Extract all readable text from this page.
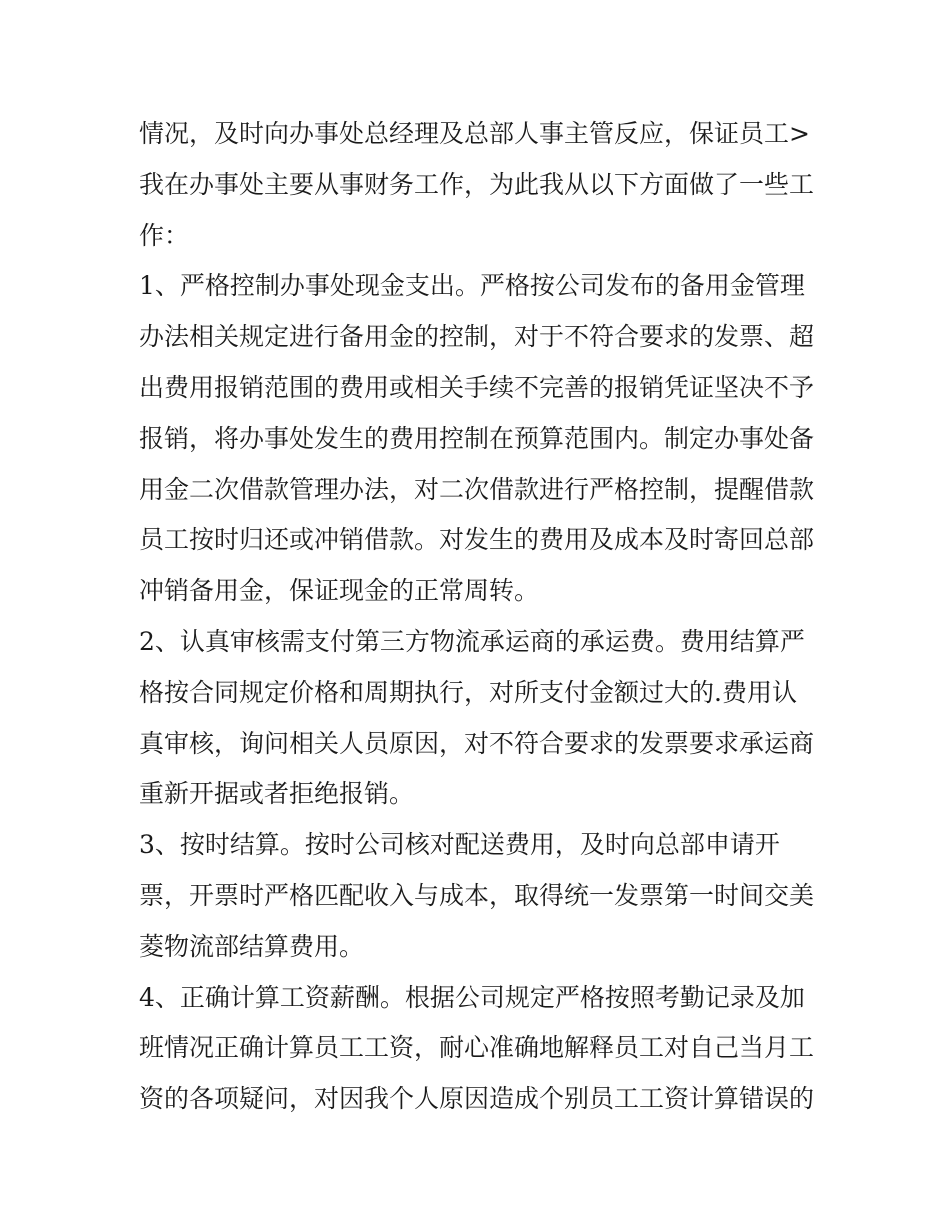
情况，及时向办事处总经理及总部人事主管反应，保证员工>
我在办事处主要从事财务工作，为此我从以下方面做了一些工
作：
1、严格控制办事处现金支出。严格按公司发布的备用金管理
办法相关规定进行备用金的控制，对于不符合要求的发票、超
出费用报销范围的费用或相关手续不完善的报销凭证坚决不予
报销，将办事处发生的费用控制在预算范围内。制定办事处备
用金二次借款管理办法，对二次借款进行严格控制，提醒借款
员工按时归还或冲销借款。对发生的费用及成本及时寄回总部
冲销备用金，保证现金的正常周转。
2、认真审核需支付第三方物流承运商的承运费。费用结算严
格按合同规定价格和周期执行，对所支付金额过大的.费用认
真审核，询问相关人员原因，对不符合要求的发票要求承运商
重新开据或者拒绝报销。
3、按时结算。按时公司核对配送费用，及时向总部申请开
票，开票时严格匹配收入与成本，取得统一发票第一时间交美
菱物流部结算费用。
4、正确计算工资薪酬。根据公司规定严格按照考勤记录及加
班情况正确计算员工工资，耐心准确地解释员工对自己当月工
资的各项疑问，对因我个人原因造成个别员工工资计算错误的
